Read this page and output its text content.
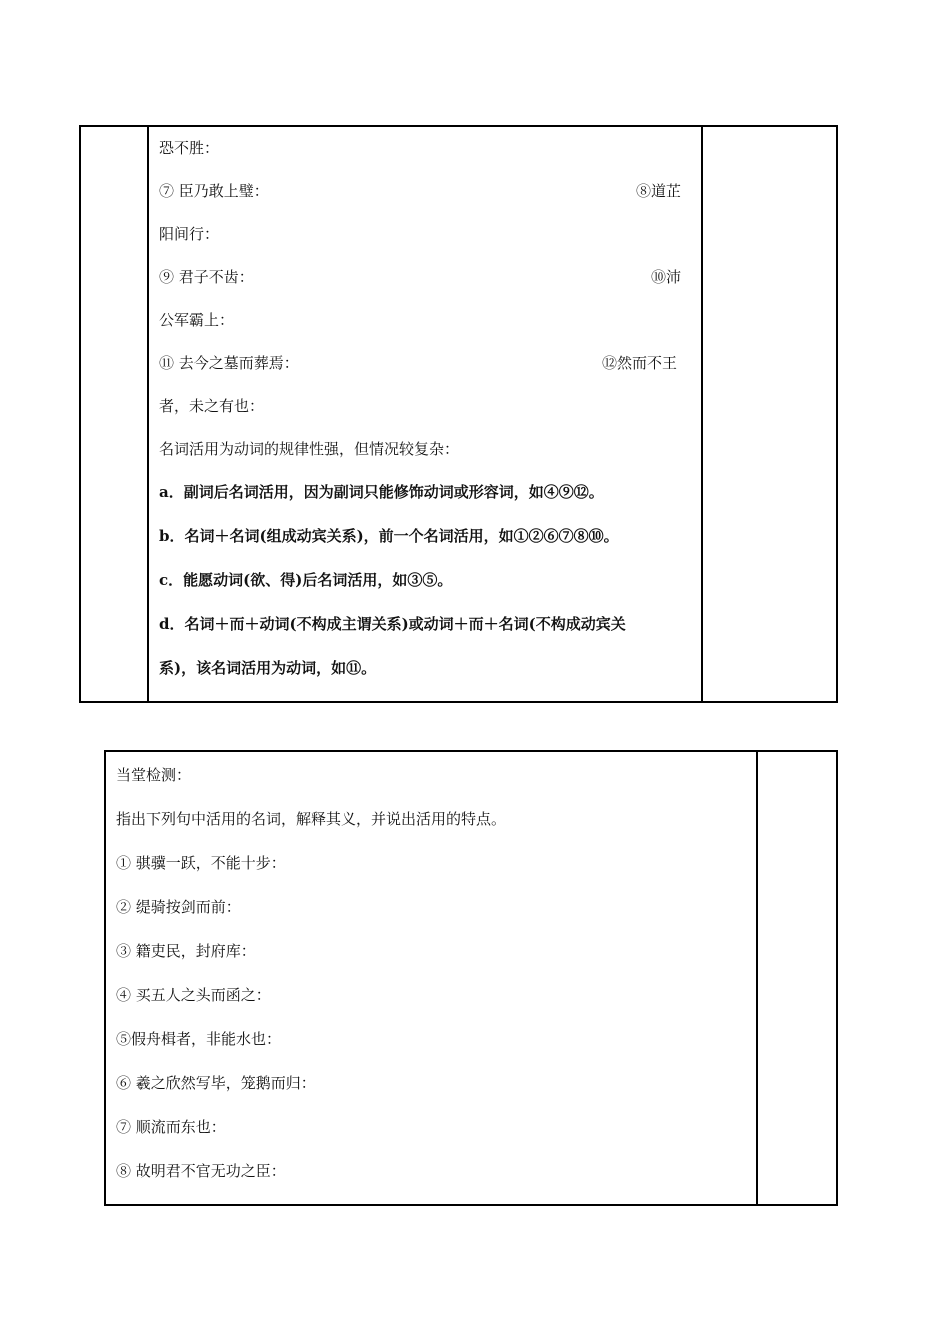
恐不胜：
⑦ 臣乃敢上璧：	⑧道芷
阳间行：
⑨ 君子不齿：	⑩沛
公军霸上：
⑪ 去今之墓而葬焉：	⑫然而不王
者，未之有也：
名词活用为动词的规律性强，但情况较复杂：
a．副词后名词活用，因为副词只能修饰动词或形容词，如④⑨⑫。
b．名词＋名词(组成动宾关系)，前一个名词活用，如①②⑥⑦⑧⑩。
c．能愿动词(欲、得)后名词活用，如③⑤。
d．名词＋而＋动词(不构成主谓关系)或动词＋而＋名词(不构成动宾关
系)，该名词活用为动词，如⑪。

当堂检测：
指出下列句中活用的名词，解释其义，并说出活用的特点。
① 骐骥一跃，不能十步：
② 缇骑按剑而前：
③ 籍吏民，封府库：
④ 买五人之头而函之：
⑤假舟楫者，非能水也：
⑥ 羲之欣然写毕，笼鹅而归：
⑦ 顺流而东也：
⑧ 故明君不官无功之臣：
